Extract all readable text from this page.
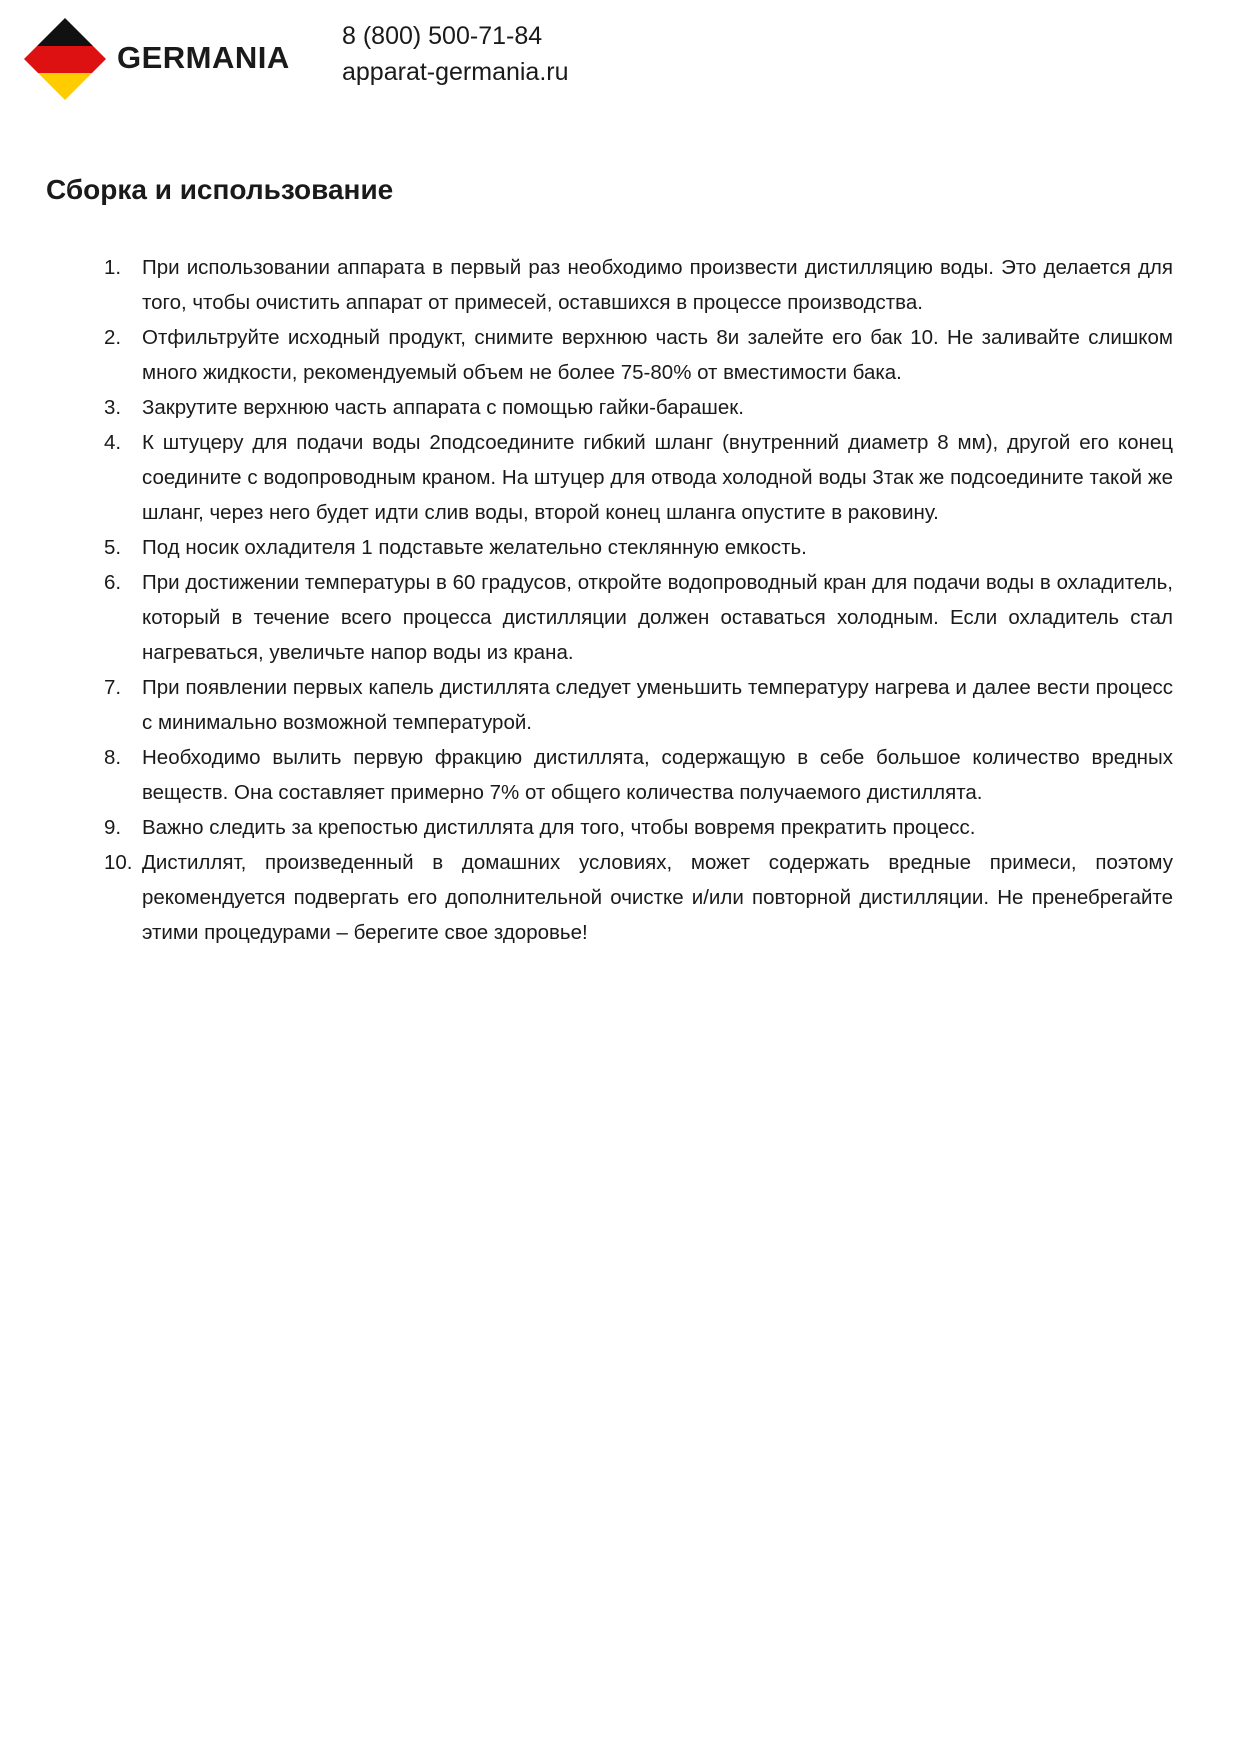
GERMANIA
8 (800) 500-71-84
apparat-germania.ru
Сборка и использование
1. При использовании аппарата в первый раз необходимо произвести дистилляцию воды. Это делается для того, чтобы очистить аппарат от примесей, оставшихся в процессе производства.
2. Отфильтруйте исходный продукт, снимите верхнюю часть 8и залейте его бак 10. Не заливайте слишком много жидкости, рекомендуемый объем не более 75-80% от вместимости бака.
3. Закрутите верхнюю часть аппарата с помощью гайки-барашек.
4. К штуцеру для подачи воды 2подсоедините гибкий шланг (внутренний диаметр 8 мм), другой его конец соедините с водопроводным краном. На штуцер для отвода холодной воды 3так же подсоедините такой же шланг, через него будет идти слив воды, второй конец шланга опустите в раковину.
5. Под носик охладителя 1 подставьте желательно стеклянную емкость.
6. При достижении температуры в 60 градусов, откройте водопроводный кран для подачи воды в охладитель, который в течение всего процесса дистилляции должен оставаться холодным. Если охладитель стал нагреваться, увеличьте напор воды из крана.
7. При появлении первых капель дистиллята следует уменьшить температуру нагрева и далее вести процесс с минимально возможной температурой.
8. Необходимо вылить первую фракцию дистиллята, содержащую в себе большое количество вредных веществ. Она составляет примерно 7% от общего количества получаемого дистиллята.
9. Важно следить за крепостью дистиллята для того, чтобы вовремя прекратить процесс.
10. Дистиллят, произведенный в домашних условиях, может содержать вредные примеси, поэтому рекомендуется подвергать его дополнительной очистке и/или повторной дистилляции. Не пренебрегайте этими процедурами – берегите свое здоровье!
